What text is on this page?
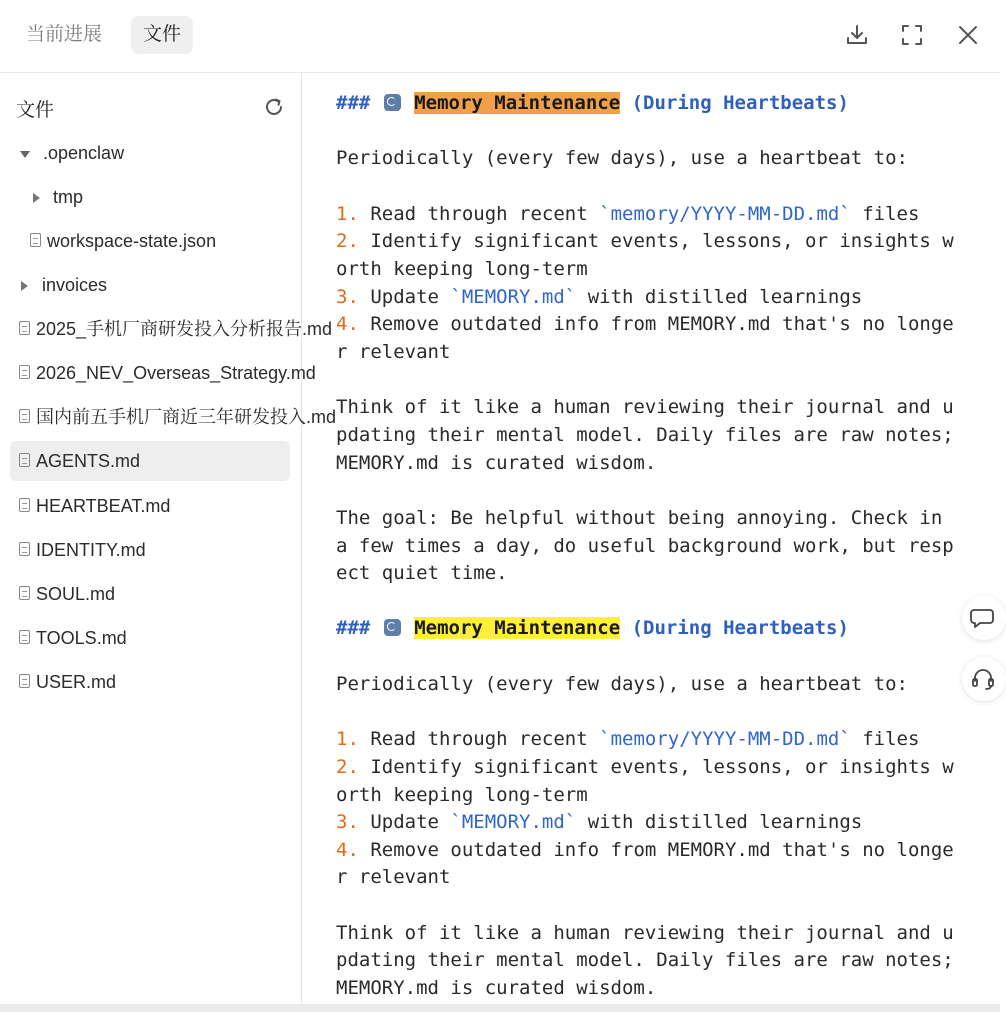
当前进展	文件
文件
.openclaw
tmp
workspace-state.json
invoices
2025_手机厂商研发投入分析报告.md
2026_NEV_Overseas_Strategy.md
国内前五手机厂商近三年研发投入.md
AGENTS.md
HEARTBEAT.md
IDENTITY.md
SOUL.md
TOOLS.md
USER.md
### Memory Maintenance (During Heartbeats)
Periodically (every few days), use a heartbeat to:
1. Read through recent `memory/YYYY-MM-DD.md` files
2. Identify significant events, lessons, or insights w
orth keeping long-term
3. Update `MEMORY.md` with distilled learnings
4. Remove outdated info from MEMORY.md that's no longe
r relevant
Think of it like a human reviewing their journal and u
pdating their mental model. Daily files are raw notes;
MEMORY.md is curated wisdom.
The goal: Be helpful without being annoying. Check in
a few times a day, do useful background work, but resp
ect quiet time.
### Memory Maintenance (During Heartbeats)
Periodically (every few days), use a heartbeat to:
1. Read through recent `memory/YYYY-MM-DD.md` files
2. Identify significant events, lessons, or insights w
orth keeping long-term
3. Update `MEMORY.md` with distilled learnings
4. Remove outdated info from MEMORY.md that's no longe
r relevant
Think of it like a human reviewing their journal and u
pdating their mental model. Daily files are raw notes;
MEMORY.md is curated wisdom.
